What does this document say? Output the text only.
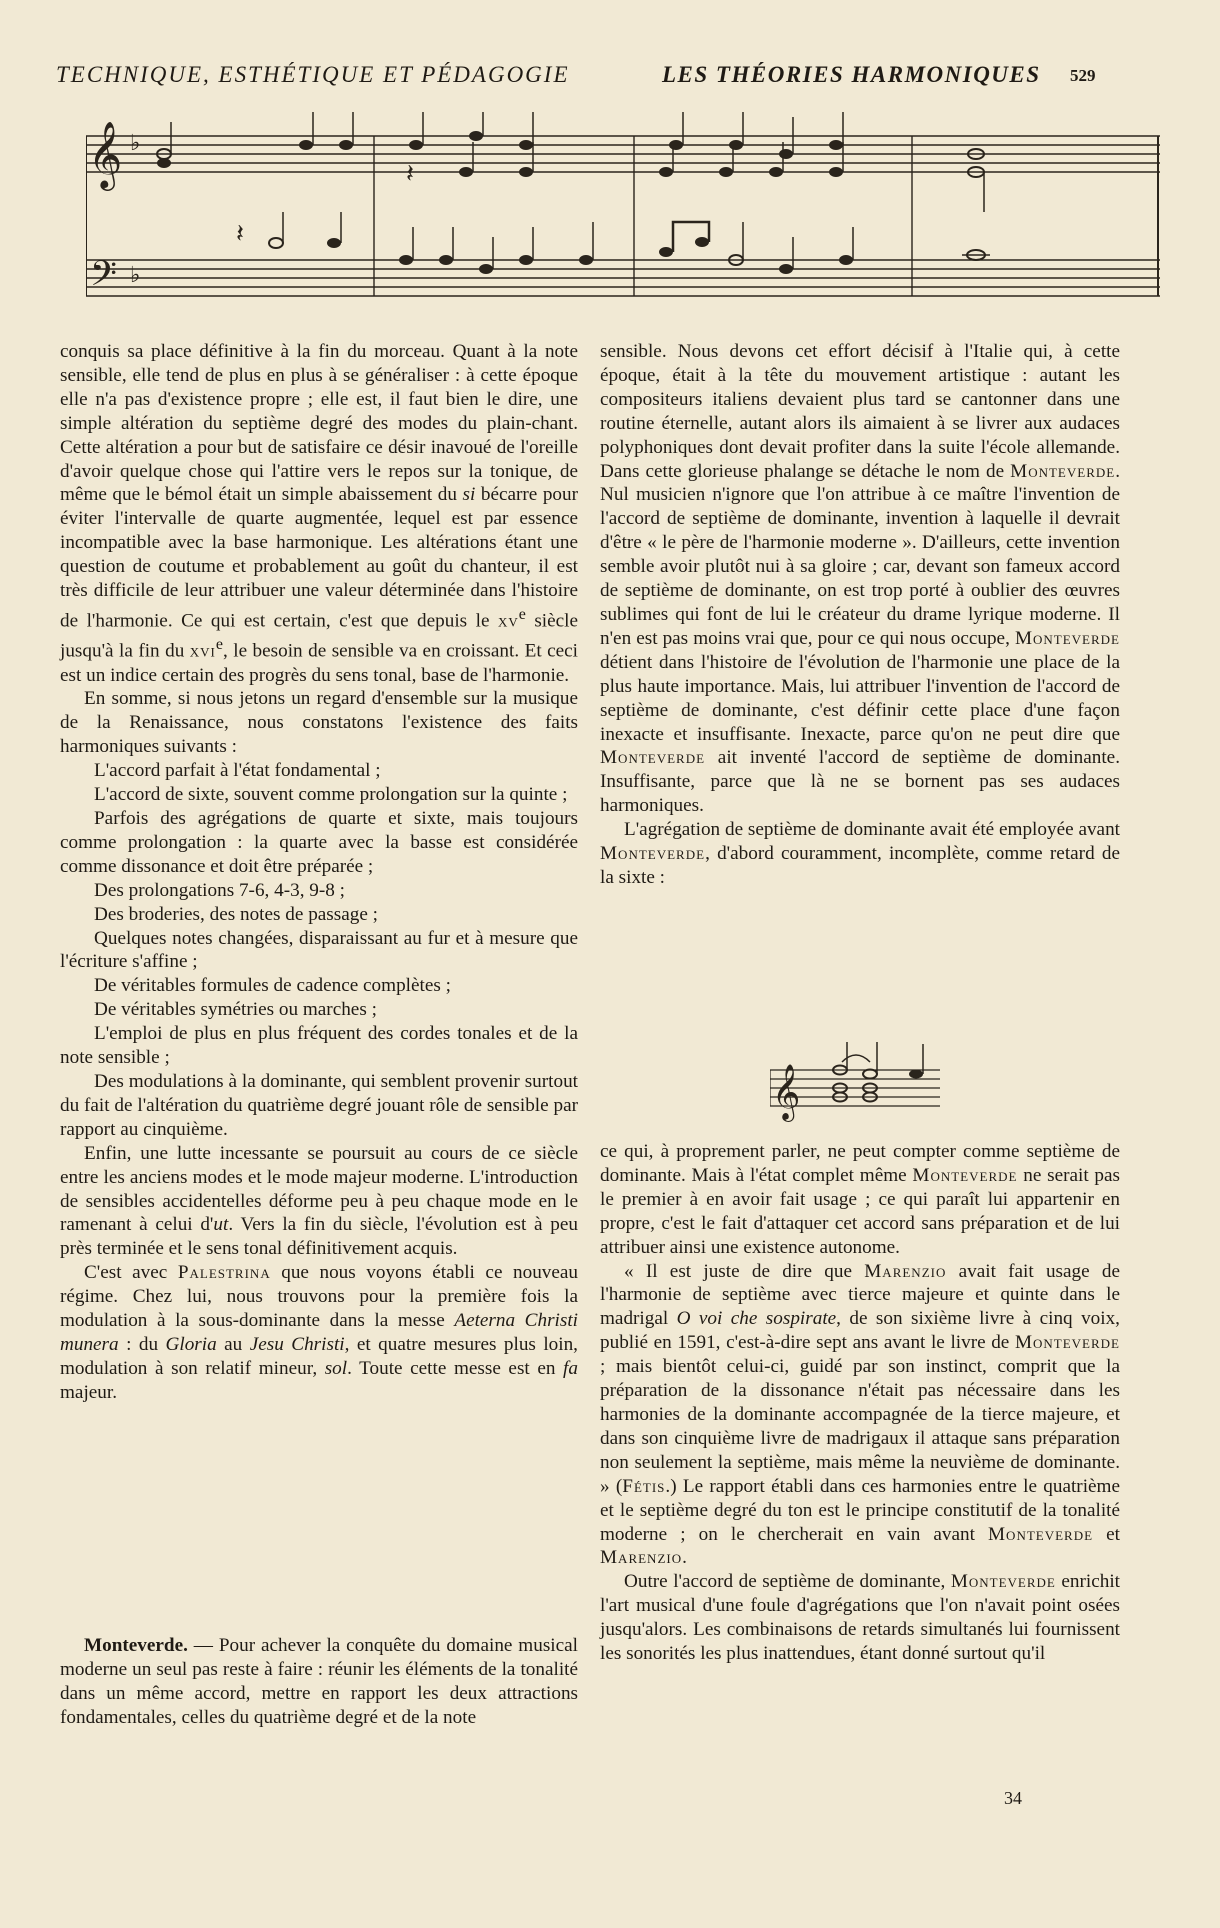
TECHNIQUE, ESTHÉTIQUE ET PÉDAGOGIE	LES THÉORIES HARMONIQUES 529
𝄞
𝄢
♭
♭
𝄽
𝄽

conquis sa place définitive à la fin du morceau. Quant à la note sensible, elle tend de plus en plus à se généraliser : à cette époque elle n'a pas d'existence propre ; elle est, il faut bien le dire, une simple altération du septième degré des modes du plain-chant. Cette altération a pour but de satisfaire ce désir inavoué de l'oreille d'avoir quelque chose qui l'attire vers le repos sur la tonique, de même que le bémol était un simple abaissement du si bécarre pour éviter l'intervalle de quarte augmentée, lequel est par essence incompatible avec la base harmonique. Les altérations étant une question de coutume et probablement au goût du chanteur, il est très difficile de leur attribuer une valeur déterminée dans l'histoire de l'harmonie. Ce qui est certain, c'est que depuis le $xv^e$ siècle jusqu'à la fin du xvi$^e$, le besoin de sensible va en croissant. Et ceci est un indice certain des progrès du sens tonal, base de l'harmonie.

En somme, si nous jetons un regard d'ensemble sur la musique de la Renaissance, nous constatons l'existence des faits harmoniques suivants :

L'accord parfait à l'état fondamental ;

L'accord de sixte, souvent comme prolongation sur la quinte ;

Parfois des agrégations de quarte et sixte, mais toujours comme prolongation : la quarte avec la basse est considérée comme dissonance et doit être préparée ;

Des prolongations 7-6, 4-3, 9-8 ;

Des broderies, des notes de passage ;

Quelques notes changées, disparaissant au fur et à mesure que l'écriture s'affine ;

De véritables formules de cadence complètes ;

De véritables symétries ou marches ;

L'emploi de plus en plus fréquent des cordes tonales et de la note sensible ;

Des modulations à la dominante, qui semblent provenir surtout du fait de l'altération du quatrième degré jouant rôle de sensible par rapport au cinquième.

Enfin, une lutte incessante se poursuit au cours de ce siècle entre les anciens modes et le mode majeur moderne. L'introduction de sensibles accidentelles déforme peu à peu chaque mode en le ramenant à celui d'ut. Vers la fin du siècle, l'évolution est à peu près terminée et le sens tonal définitivement acquis.

C'est avec Palestrina que nous voyons établi ce nouveau régime. Chez lui, nous trouvons pour la première fois la modulation à la sous-dominante dans la messe Aeterna Christi munera : du Gloria au Jesu Christi, et quatre mesures plus loin, modulation à son relatif mineur, sol. Toute cette messe est en fa majeur.

Monteverde. — Pour achever la conquête du domaine musical moderne un seul pas reste à faire : réunir les éléments de la tonalité dans un même accord, mettre en rapport les deux attractions fondamentales, celles du quatrième degré et de la note

sensible. Nous devons cet effort décisif à l'Italie qui, à cette époque, était à la tête du mouvement artistique : autant les compositeurs italiens devaient plus tard se cantonner dans une routine éternelle, autant alors ils aimaient à se livrer aux audaces polyphoniques dont devait profiter dans la suite l'école allemande. Dans cette glorieuse phalange se détache le nom de Monteverde. Nul musicien n'ignore que l'on attribue à ce maître l'invention de l'accord de septième de dominante, invention à laquelle il devrait d'être « le père de l'harmonie moderne ». D'ailleurs, cette invention semble avoir plutôt nui à sa gloire ; car, devant son fameux accord de septième de dominante, on est trop porté à oublier des œuvres sublimes qui font de lui le créateur du drame lyrique moderne. Il n'en est pas moins vrai que, pour ce qui nous occupe, Monteverde détient dans l'histoire de l'évolution de l'harmonie une place de la plus haute importance. Mais, lui attribuer l'invention de l'accord de septième de dominante, c'est définir cette place d'une façon inexacte et insuffisante. Inexacte, parce qu'on ne peut dire que Monteverde ait inventé l'accord de septième de dominante. Insuffisante, parce que là ne se bornent pas ses audaces harmoniques.

L'agrégation de septième de dominante avait été employée avant Monteverde, d'abord couramment, incomplète, comme retard de la sixte :

𝄞

ce qui, à proprement parler, ne peut compter comme septième de dominante. Mais à l'état complet même Monteverde ne serait pas le premier à en avoir fait usage ; ce qui paraît lui appartenir en propre, c'est le fait d'attaquer cet accord sans préparation et de lui attribuer ainsi une existence autonome.

« Il est juste de dire que Marenzio avait fait usage de l'harmonie de septième avec tierce majeure et quinte dans le madrigal O voi che sospirate, de son sixième livre à cinq voix, publié en 1591, c'est-à-dire sept ans avant le livre de Monteverde ; mais bientôt celui-ci, guidé par son instinct, comprit que la préparation de la dissonance n'était pas nécessaire dans les harmonies de la dominante accompagnée de la tierce majeure, et dans son cinquième livre de madrigaux il attaque sans préparation non seulement la septième, mais même la neuvième de dominante. » (Fétis.) Le rapport établi dans ces harmonies entre le quatrième et le septième degré du ton est le principe constitutif de la tonalité moderne ; on le chercherait en vain avant Monteverde et Marenzio.

Outre l'accord de septième de dominante, Monteverde enrichit l'art musical d'une foule d'agrégations que l'on n'avait point osées jusqu'alors. Les combinaisons de retards simultanés lui fournissent les sonorités les plus inattendues, étant donné surtout qu'il

34
